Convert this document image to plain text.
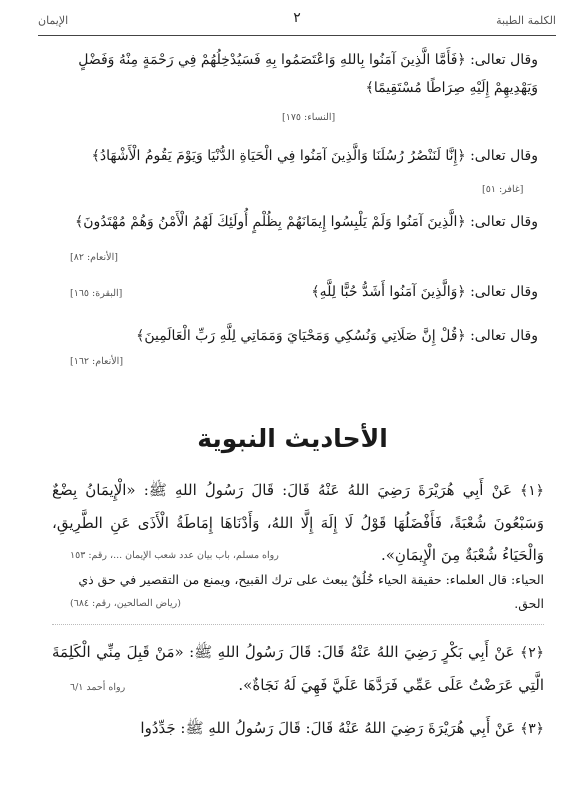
الكلمة الطيبة
٢
الإيمان
وقال تعالى: ﴿فَأَمَّا الَّذِينَ آمَنُوا بِاللهِ وَاعْتَصَمُوا بِهِ فَسَيُدْخِلُهُمْ فِي رَحْمَةٍ مِنْهُ وَفَضْلٍ وَيَهْدِيهِمْ إِلَيْهِ صِرَاطًا مُسْتَقِيمًا﴾
[النساء: ١٧٥]
وقال تعالى: ﴿إِنَّا لَنَنْصُرُ رُسُلَنَا وَالَّذِينَ آمَنُوا فِي الْحَيَاةِ الدُّنْيَا وَيَوْمَ يَقُومُ الْأَشْهَادُ﴾
[غافر: ٥١]
وقال تعالى: ﴿الَّذِينَ آمَنُوا وَلَمْ يَلْبِسُوا إِيمَانَهُمْ بِظُلْمٍ أُولَئِكَ لَهُمُ الْأَمْنُ وَهُمْ مُهْتَدُونَ﴾
[الأنعام: ٨٢]
وقال تعالى: ﴿وَالَّذِينَ آمَنُوا أَشَدُّ حُبًّا لِلَّهِ﴾
[البقرة: ١٦٥]
وقال تعالى: ﴿قُلْ إِنَّ صَلَاتِي وَنُسُكِي وَمَحْيَايَ وَمَمَاتِي لِلَّهِ رَبِّ الْعَالَمِينَ﴾
[الأنعام: ١٦٢]
الأحاديث النبوية
﴿١﴾ عَنْ أَبِي هُرَيْرَةَ رَضِيَ اللهُ عَنْهُ قَالَ: قَالَ رَسُولُ اللهِ ﷺ: «الْإِيمَانُ بِضْعٌ وَسَبْعُونَ شُعْبَةً، فَأَفْضَلُهَا قَوْلُ لَا إِلَهَ إِلَّا اللهُ، وَأَدْنَاهَا إِمَاطَةُ الْأَذَى عَنِ الطَّرِيقِ، وَالْحَيَاءُ شُعْبَةٌ مِنَ الْإِيمَانِ».
رواه مسلم، باب بيان عدد شعب الإيمان ...، رقم: ١٥٣
الحياء: قال العلماء: حقيقة الحياء خُلُقٌ يبعث على ترك القبيح، ويمنع من التقصير في حق ذي الحق.
(رياض الصالحين، رقم: ٦٨٤)
﴿٢﴾ عَنْ أَبِي بَكْرٍ رَضِيَ اللهُ عَنْهُ قَالَ: قَالَ رَسُولُ اللهِ ﷺ: «مَنْ قَبِلَ مِنِّي الْكَلِمَةَ الَّتِي عَرَضْتُ عَلَى عَمِّي فَرَدَّهَا عَلَيَّ فَهِيَ لَهُ نَجَاةٌ».
رواه أحمد ٦/١
﴿٣﴾ عَنْ أَبِي هُرَيْرَةَ رَضِيَ اللهُ عَنْهُ قَالَ: قَالَ رَسُولُ اللهِ ﷺ: جَدِّدُوا
